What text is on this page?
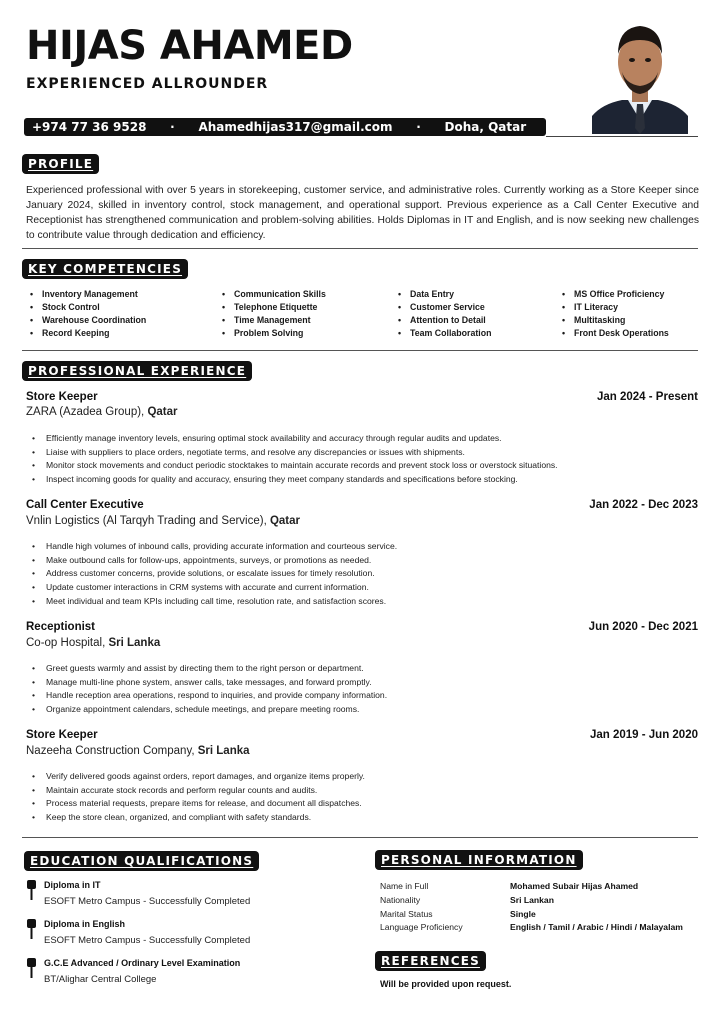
HIJAS AHAMED
EXPERIENCED ALLROUNDER
+974 77 36 9528	·	Ahamedhijas317@gmail.com	·	Doha, Qatar
PROFILE
Experienced professional with over 5 years in storekeeping, customer service, and administrative roles. Currently working as a Store Keeper since January 2024, skilled in inventory control, stock management, and operational support. Previous experience as a Call Center Executive and Receptionist has strengthened communication and problem-solving abilities. Holds Diplomas in IT and English, and is now seeking new challenges to contribute value through dedication and efficiency.
KEY COMPETENCIES
• Inventory Management
• Stock Control
• Warehouse Coordination
• Record Keeping
• Communication Skills
• Telephone Etiquette
• Time Management
• Problem Solving
• Data Entry
• Customer Service
• Attention to Detail
• Team Collaboration
• MS Office Proficiency
• IT Literacy
• Multitasking
• Front Desk Operations
PROFESSIONAL EXPERIENCE
Store Keeper	Jan 2024 - Present
ZARA (Azadea Group), Qatar
• Efficiently manage inventory levels, ensuring optimal stock availability and accuracy through regular audits and updates.
• Liaise with suppliers to place orders, negotiate terms, and resolve any discrepancies or issues with shipments.
• Monitor stock movements and conduct periodic stocktakes to maintain accurate records and prevent stock loss or overstock situations.
• Inspect incoming goods for quality and accuracy, ensuring they meet company standards and specifications before stocking.
Call Center Executive	Jan 2022 - Dec 2023
Vnlin Logistics (Al Tarqyh Trading and Service), Qatar
• Handle high volumes of inbound calls, providing accurate information and courteous service.
• Make outbound calls for follow-ups, appointments, surveys, or promotions as needed.
• Address customer concerns, provide solutions, or escalate issues for timely resolution.
• Update customer interactions in CRM systems with accurate and current information.
• Meet individual and team KPIs including call time, resolution rate, and satisfaction scores.
Receptionist	Jun 2020 - Dec 2021
Co-op Hospital, Sri Lanka
• Greet guests warmly and assist by directing them to the right person or department.
• Manage multi-line phone system, answer calls, take messages, and forward promptly.
• Handle reception area operations, respond to inquiries, and provide company information.
• Organize appointment calendars, schedule meetings, and prepare meeting rooms.
Store Keeper	Jan 2019 - Jun 2020
Nazeeha Construction Company, Sri Lanka
• Verify delivered goods against orders, report damages, and organize items properly.
• Maintain accurate stock records and perform regular counts and audits.
• Process material requests, prepare items for release, and document all dispatches.
• Keep the store clean, organized, and compliant with safety standards.
EDUCATION QUALIFICATIONS
Diploma in IT
ESOFT Metro Campus - Successfully Completed
Diploma in English
ESOFT Metro Campus - Successfully Completed
G.C.E Advanced / Ordinary Level Examination
BT/Alighar Central College
PERSONAL INFORMATION
Name in Full	Mohamed Subair Hijas Ahamed
Nationality	Sri Lankan
Marital Status	Single
Language Proficiency	English / Tamil / Arabic / Hindi / Malayalam
REFERENCES
Will be provided upon request.
